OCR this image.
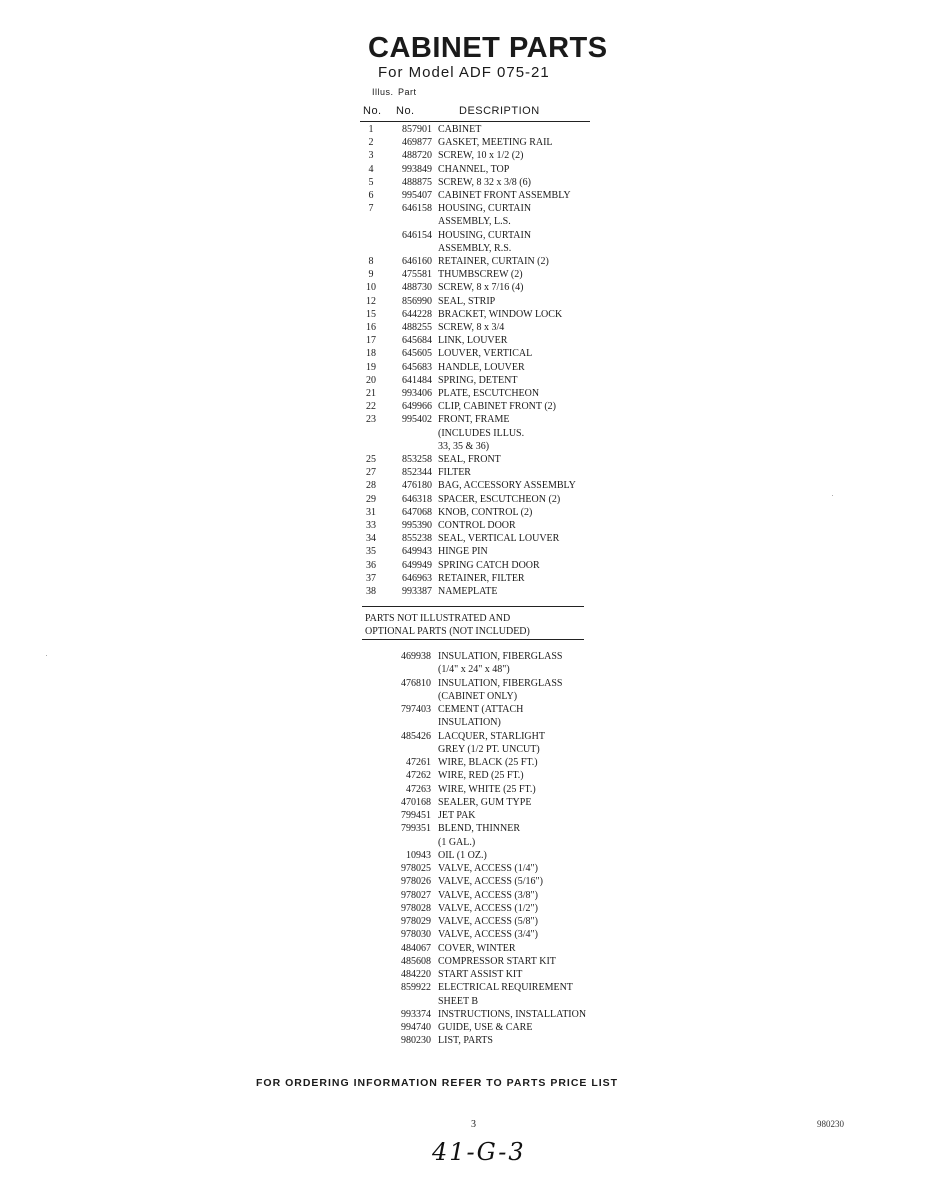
CABINET PARTS
For Model ADF 075-21
Illus. Part
No. No.	DESCRIPTION
1	857901 CABINET
2	469877 GASKET, MEETING RAIL
3	488720 SCREW, 10 x 1/2 (2)
4	993849 CHANNEL, TOP
5	488875 SCREW, 8 32 x 3/8 (6)
6	995407 CABINET FRONT ASSEMBLY
7	646158 HOUSING, CURTAIN
ASSEMBLY, L.S.
646154 HOUSING, CURTAIN
ASSEMBLY, R.S.
8	646160 RETAINER, CURTAIN (2)
9	475581 THUMBSCREW (2)
10	488730 SCREW, 8 x 7/16 (4)
12	856990 SEAL, STRIP
15	644228 BRACKET, WINDOW LOCK
16	488255 SCREW, 8 x 3/4
17	645684 LINK, LOUVER
18	645605 LOUVER, VERTICAL
19	645683 HANDLE, LOUVER
20	641484 SPRING, DETENT
21	993406 PLATE, ESCUTCHEON
22	649966 CLIP, CABINET FRONT (2)
23	995402 FRONT, FRAME
(INCLUDES ILLUS.
33, 35 & 36)
25	853258 SEAL, FRONT
27	852344 FILTER
28	476180 BAG, ACCESSORY ASSEMBLY
29	646318 SPACER, ESCUTCHEON (2)
31	647068 KNOB, CONTROL (2)
33	995390 CONTROL DOOR
34	855238 SEAL, VERTICAL LOUVER
35	649943 HINGE PIN
36	649949 SPRING CATCH DOOR
37	646963 RETAINER, FILTER
38	993387 NAMEPLATE
PARTS NOT ILLUSTRATED AND
OPTIONAL PARTS (NOT INCLUDED)
469938 INSULATION, FIBERGLASS
(1/4" x 24" x 48")
476810 INSULATION, FIBERGLASS
(CABINET ONLY)
797403 CEMENT (ATTACH
INSULATION)
485426 LACQUER, STARLIGHT
GREY (1/2 PT. UNCUT)
47261 WIRE, BLACK (25 FT.)
47262 WIRE, RED (25 FT.)
47263 WIRE, WHITE (25 FT.)
470168 SEALER, GUM TYPE
799451 JET PAK
799351 BLEND, THINNER
(1 GAL.)
10943 OIL (1 OZ.)
978025 VALVE, ACCESS (1/4")
978026 VALVE, ACCESS (5/16")
978027 VALVE, ACCESS (3/8")
978028 VALVE, ACCESS (1/2")
978029 VALVE, ACCESS (5/8")
978030 VALVE, ACCESS (3/4")
484067 COVER, WINTER
485608 COMPRESSOR START KIT
484220 START ASSIST KIT
859922 ELECTRICAL REQUIREMENT
SHEET B
993374 INSTRUCTIONS, INSTALLATION
994740 GUIDE, USE & CARE
980230 LIST, PARTS
FOR ORDERING INFORMATION REFER TO PARTS PRICE LIST
3	980230
41-G-3
